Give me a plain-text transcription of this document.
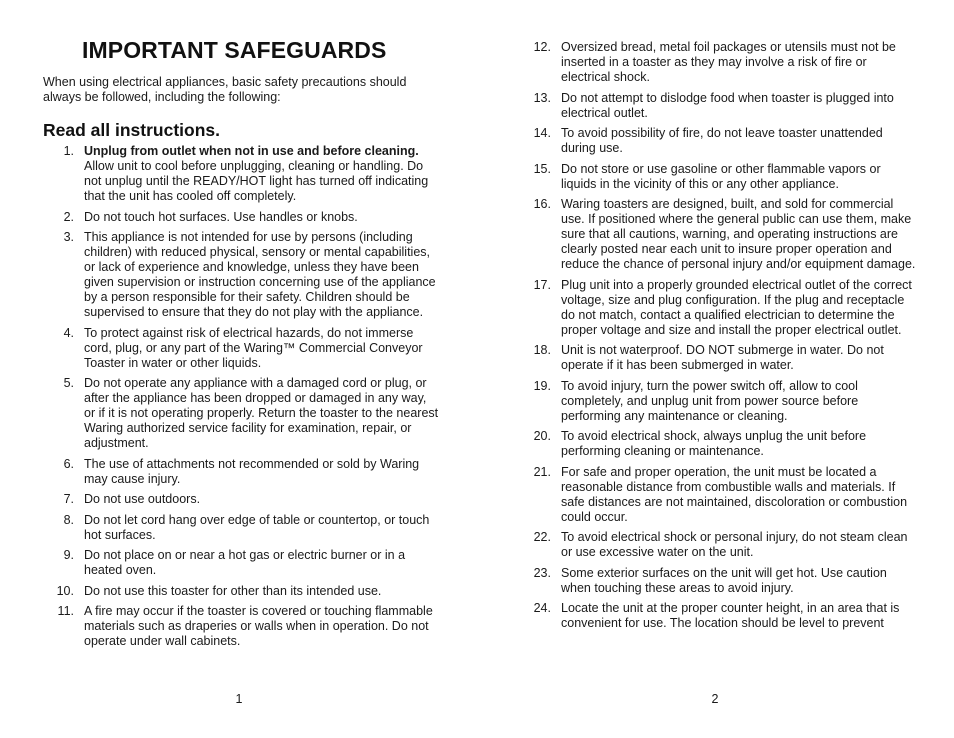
IMPORTANT SAFEGUARDS

When using electrical appliances, basic safety precautions should always be followed, including the following:

Read all instructions.
1. Unplug from outlet when not in use and before cleaning. Allow unit to cool before unplugging, cleaning or handling. Do not unplug until the READY/HOT light has turned off indicating that the unit has cooled off completely.
2. Do not touch hot surfaces. Use handles or knobs.
3. This appliance is not intended for use by persons (including children) with reduced physical, sensory or mental capabilities, or lack of experience and knowledge, unless they have been given supervision or instruction concerning use of the appliance by a person responsible for their safety. Children should be supervised to ensure that they do not play with the appliance.
4. To protect against risk of electrical hazards, do not immerse cord, plug, or any part of the Waring™ Commercial Conveyor Toaster in water or other liquids.
5. Do not operate any appliance with a damaged cord or plug, or after the appliance has been dropped or damaged in any way, or if it is not operating properly. Return the toaster to the nearest Waring authorized service facility for examination, repair, or adjustment.
6. The use of attachments not recommended or sold by Waring may cause injury.
7. Do not use outdoors.
8. Do not let cord hang over edge of table or countertop, or touch hot surfaces.
9. Do not place on or near a hot gas or electric burner or in a heated oven.
10. Do not use this toaster for other than its intended use.
11. A fire may occur if the toaster is covered or touching flammable materials such as draperies or walls when in operation. Do not operate under wall cabinets.
1
12. Oversized bread, metal foil packages or utensils must not be inserted in a toaster as they may involve a risk of fire or electrical shock.
13. Do not attempt to dislodge food when toaster is plugged into electrical outlet.
14. To avoid possibility of fire, do not leave toaster unattended during use.
15. Do not store or use gasoline or other flammable vapors or liquids in the vicinity of this or any other appliance.
16. Waring toasters are designed, built, and sold for commercial use. If positioned where the general public can use them, make sure that all cautions, warning, and operating instructions are clearly posted near each unit to insure proper operation and reduce the chance of personal injury and/or equipment damage.
17. Plug unit into a properly grounded electrical outlet of the correct voltage, size and plug configuration. If the plug and receptacle do not match, contact a qualified electrician to determine the proper voltage and size and install the proper electrical outlet.
18. Unit is not waterproof. DO NOT submerge in water. Do not operate if it has been submerged in water.
19. To avoid injury, turn the power switch off, allow to cool completely, and unplug unit from power source before performing any maintenance or cleaning.
20. To avoid electrical shock, always unplug the unit before performing cleaning or maintenance.
21. For safe and proper operation, the unit must be located a reasonable distance from combustible walls and materials. If safe distances are not maintained, discoloration or combustion could occur.
22. To avoid electrical shock or personal injury, do not steam clean or use excessive water on the unit.
23. Some exterior surfaces on the unit will get hot. Use caution when touching these areas to avoid injury.
24. Locate the unit at the proper counter height, in an area that is convenient for use. The location should be level to prevent
2
